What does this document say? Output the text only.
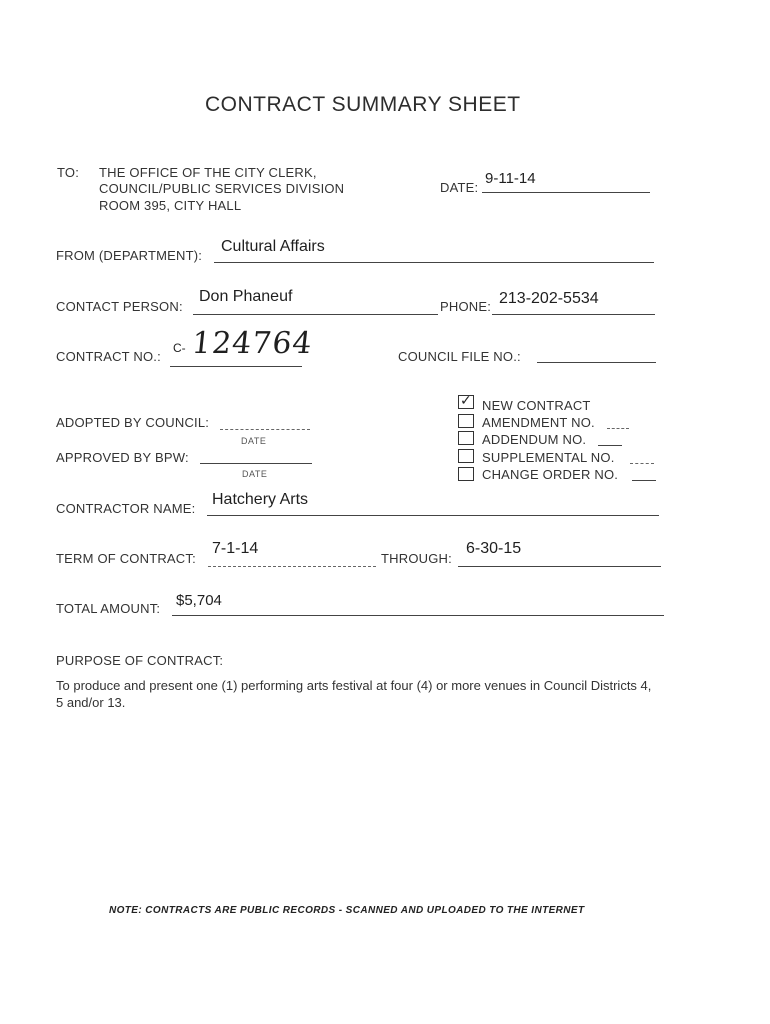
CONTRACT SUMMARY SHEET
TO: THE OFFICE OF THE CITY CLERK,
COUNCIL/PUBLIC SERVICES DIVISION
ROOM 395, CITY HALL
DATE:
9-11-14
FROM (DEPARTMENT):
Cultural Affairs
CONTACT PERSON:
Don Phaneuf
PHONE: 213-202-5534
CONTRACT NO.:
C- 124764	COUNCIL FILE NO.:
ADOPTED BY COUNCIL:
DATE
APPROVED BY BPW:
DATE
✓ NEW CONTRACT
AMENDMENT NO.
ADDENDUM NO.
SUPPLEMENTAL NO.
CHANGE ORDER NO.
CONTRACTOR NAME:
Hatchery Arts
TERM OF CONTRACT:
7-1-14
THROUGH:
6-30-15
TOTAL AMOUNT: $5,704
PURPOSE OF CONTRACT:
To produce and present one (1) performing arts festival at four (4) or more venues in Council Districts 4, 5 and/or 13.
NOTE: CONTRACTS ARE PUBLIC RECORDS - SCANNED AND UPLOADED TO THE INTERNET
